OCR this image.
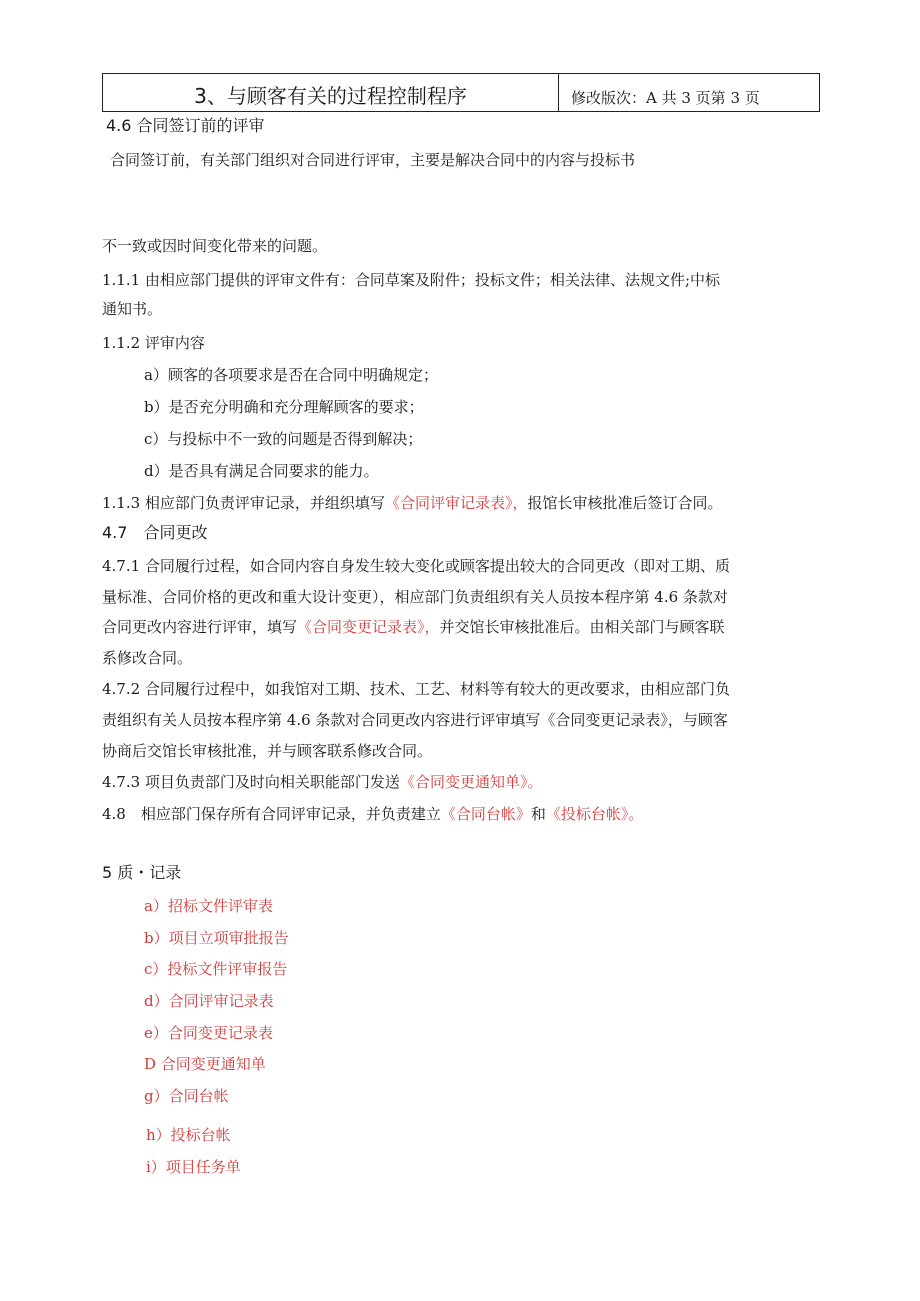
3、与顾客有关的过程控制程序	修改版次：A 共 3 页第 3 页
4.6 合同签订前的评审
合同签订前，有关部门组织对合同进行评审，主要是解决合同中的内容与投标书
不一致或因时间变化带来的问题。
1.1.1 由相应部门提供的评审文件有：合同草案及附件；投标文件；相关法律、法规文件;中标
通知书。
1.1.2 评审内容
a）顾客的各项要求是否在合同中明确规定；
b）是否充分明确和充分理解顾客的要求；
c）与投标中不一致的问题是否得到解决；
d）是否具有满足合同要求的能力。
1.1.3 相应部门负责评审记录，并组织填写《合同评审记录表》，报馆长审核批准后签订合同。
4.7　合同更改
4.7.1 合同履行过程，如合同内容自身发生较大变化或顾客提出较大的合同更改（即对工期、质
量标准、合同价格的更改和重大设计变更），相应部门负责组织有关人员按本程序第 4.6 条款对
合同更改内容进行评审，填写《合同变更记录表》，并交馆长审核批准后。由相关部门与顾客联
系修改合同。
4.7.2 合同履行过程中，如我馆对工期、技术、工艺、材料等有较大的更改要求，由相应部门负
责组织有关人员按本程序第 4.6 条款对合同更改内容进行评审填写《合同变更记录表》，与顾客
协商后交馆长审核批准，并与顾客联系修改合同。
4.7.3 项目负责部门及时向相关职能部门发送《合同变更通知单》。
4.8　相应部门保存所有合同评审记录，并负责建立《合同台帐》和《投标台帐》。
5 质・记录
a）招标文件评审表
b）项目立项审批报告
c）投标文件评审报告
d）合同评审记录表
e）合同变更记录表
D 合同变更通知单
g）合同台帐
h）投标台帐
i）项目任务单
